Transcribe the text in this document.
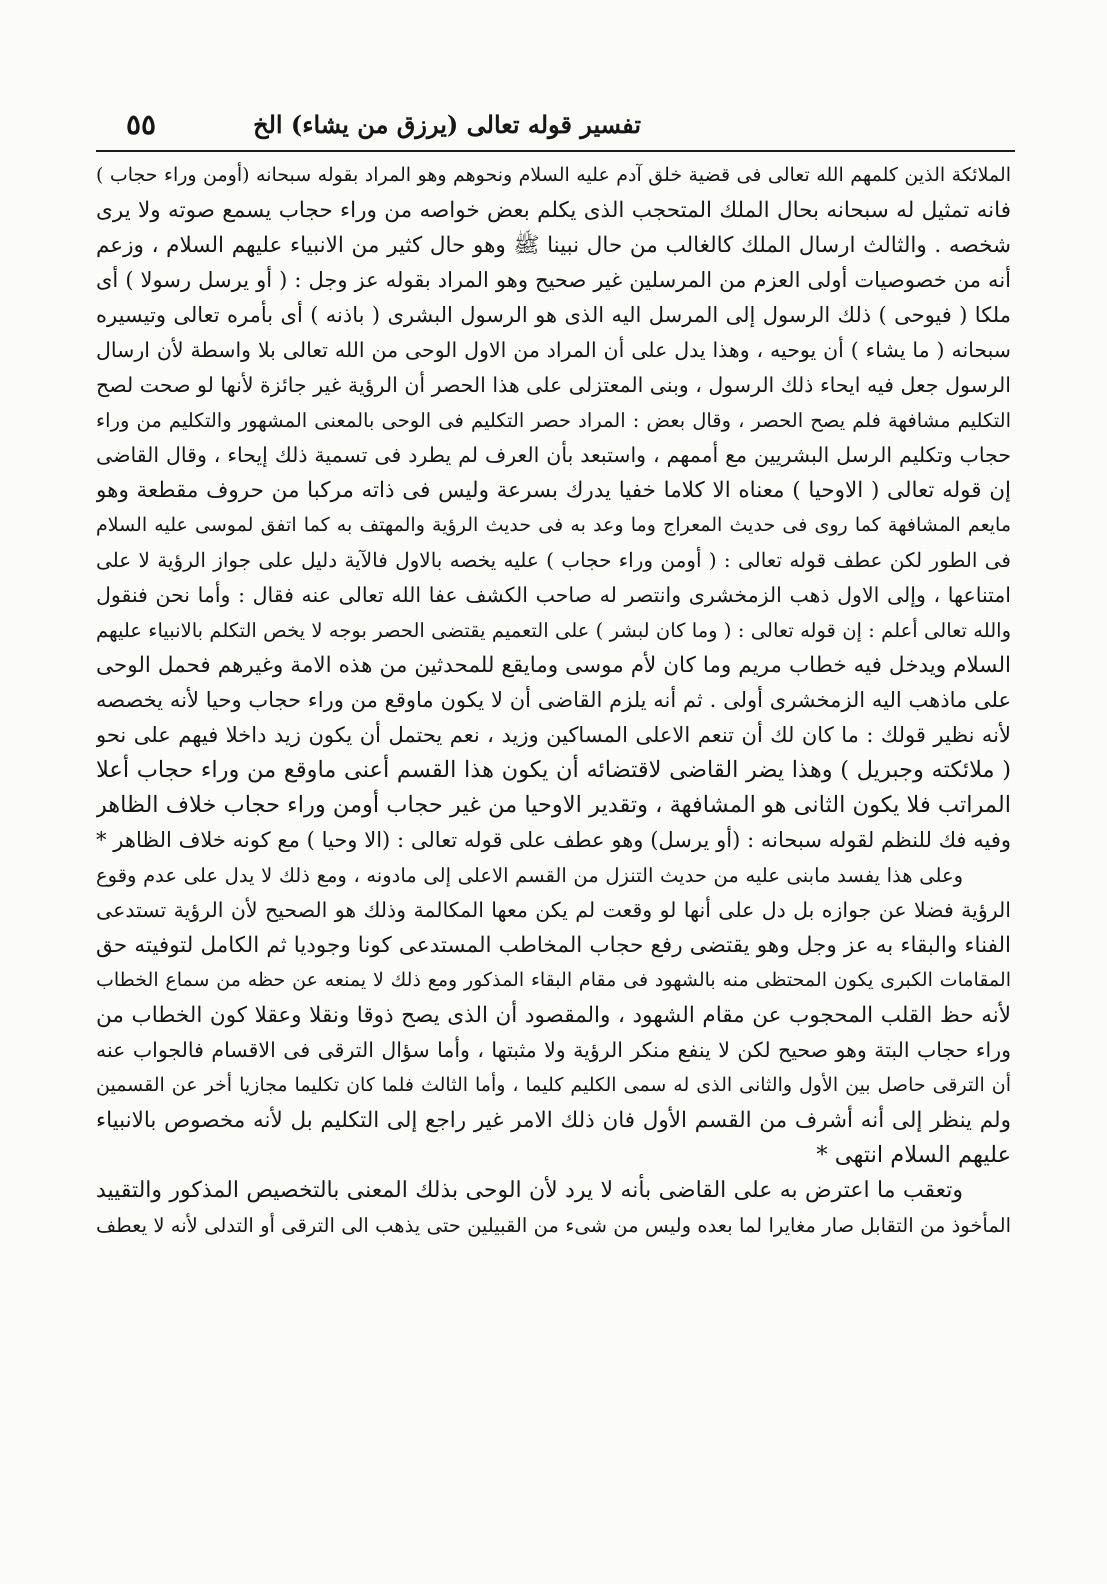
تفسير قوله تعالى (يرزق من يشاء) الخ
٥٥
الملائكة الذين كلمهم الله تعالى فى قضية خلق آدم عليه السلام ونحوهم وهو المراد بقوله سبحانه (أومن وراء حجاب )
فانه تمثيل له سبحانه بحال الملك المتحجب الذى يكلم بعض خواصه من وراء حجاب يسمع صوته ولا يرى
شخصه . والثالث ارسال الملك كالغالب من حال نبينا ﷺ وهو حال كثير من الانبياء عليهم السلام ، وزعم
أنه من خصوصيات أولى العزم من المرسلين غير صحيح وهو المراد بقوله عز وجل : ( أو يرسل رسولا ) أى
ملكا ( فيوحى ) ذلك الرسول إلى المرسل اليه الذى هو الرسول البشرى ( باذنه ) أى بأمره تعالى وتيسيره
سبحانه ( ما يشاء ) أن يوحيه ، وهذا يدل على أن المراد من الاول الوحى من الله تعالى بلا واسطة لأن ارسال
الرسول جعل فيه ايحاء ذلك الرسول ، وبنى المعتزلى على هذا الحصر أن الرؤية غير جائزة لأنها لو صحت لصح
التكليم مشافهة فلم يصح الحصر ، وقال بعض : المراد حصر التكليم فى الوحى بالمعنى المشهور والتكليم من وراء
حجاب وتكليم الرسل البشريين مع أممهم ، واستبعد بأن العرف لم يطرد فى تسمية ذلك إيحاء ، وقال القاضى
إن قوله تعالى ( الاوحيا ) معناه الا كلاما خفيا يدرك بسرعة وليس فى ذاته مركبا من حروف مقطعة وهو
مايعم المشافهة كما روى فى حديث المعراج وما وعد به فى حديث الرؤية والمهتف به كما اتفق لموسى عليه السلام
فى الطور لكن عطف قوله تعالى : ( أومن وراء حجاب ) عليه يخصه بالاول فالآية دليل على جواز الرؤية لا على
امتناعها ، وإلى الاول ذهب الزمخشرى وانتصر له صاحب الكشف عفا الله تعالى عنه فقال : وأما نحن فنقول
والله تعالى أعلم : إن قوله تعالى : ( وما كان لبشر ) على التعميم يقتضى الحصر بوجه لا يخص التكلم بالانبياء عليهم
السلام ويدخل فيه خطاب مريم وما كان لأم موسى ومايقع للمحدثين من هذه الامة وغيرهم فحمل الوحى
على ماذهب اليه الزمخشرى أولى . ثم أنه يلزم القاضى أن لا يكون ماوقع من وراء حجاب وحيا لأنه يخصصه
لأنه نظير قولك : ما كان لك أن تنعم الاعلى المساكين وزيد ، نعم يحتمل أن يكون زيد داخلا فيهم على نحو
( ملائكته وجبريل ) وهذا يضر القاضى لاقتضائه أن يكون هذا القسم أعنى ماوقع من وراء حجاب أعلا
المراتب فلا يكون الثانى هو المشافهة ، وتقدير الاوحيا من غير حجاب أومن وراء حجاب خلاف الظاهر
وفيه فك للنظم لقوله سبحانه : (أو يرسل) وهو عطف على قوله تعالى : (الا وحيا ) مع كونه خلاف الظاهر *
وعلى هذا يفسد مابنى عليه من حديث التنزل من القسم الاعلى إلى مادونه ، ومع ذلك لا يدل على عدم وقوع
الرؤية فضلا عن جوازه بل دل على أنها لو وقعت لم يكن معها المكالمة وذلك هو الصحيح لأن الرؤية تستدعى
الفناء والبقاء به عز وجل وهو يقتضى رفع حجاب المخاطب المستدعى كونا وجوديا ثم الكامل لتوفيته حق
المقامات الكبرى يكون المحتظى منه بالشهود فى مقام البقاء المذكور ومع ذلك لا يمنعه عن حظه من سماع الخطاب
لأنه حظ القلب المحجوب عن مقام الشهود ، والمقصود أن الذى يصح ذوقا ونقلا وعقلا كون الخطاب من
وراء حجاب البتة وهو صحيح لكن لا ينفع منكر الرؤية ولا مثبتها ، وأما سؤال الترقى فى الاقسام فالجواب عنه
أن الترقى حاصل بين الأول والثانى الذى له سمى الكليم كليما ، وأما الثالث فلما كان تكليما مجازيا أخر عن القسمين
ولم ينظر إلى أنه أشرف من القسم الأول فان ذلك الامر غير راجع إلى التكليم بل لأنه مخصوص بالانبياء
عليهم السلام انتهى *
وتعقب ما اعترض به على القاضى بأنه لا يرد لأن الوحى بذلك المعنى بالتخصيص المذكور والتقييد
المأخوذ من التقابل صار مغايرا لما بعده وليس من شىء من القبيلين حتى يذهب الى الترقى أو التدلى لأنه لا يعطف
